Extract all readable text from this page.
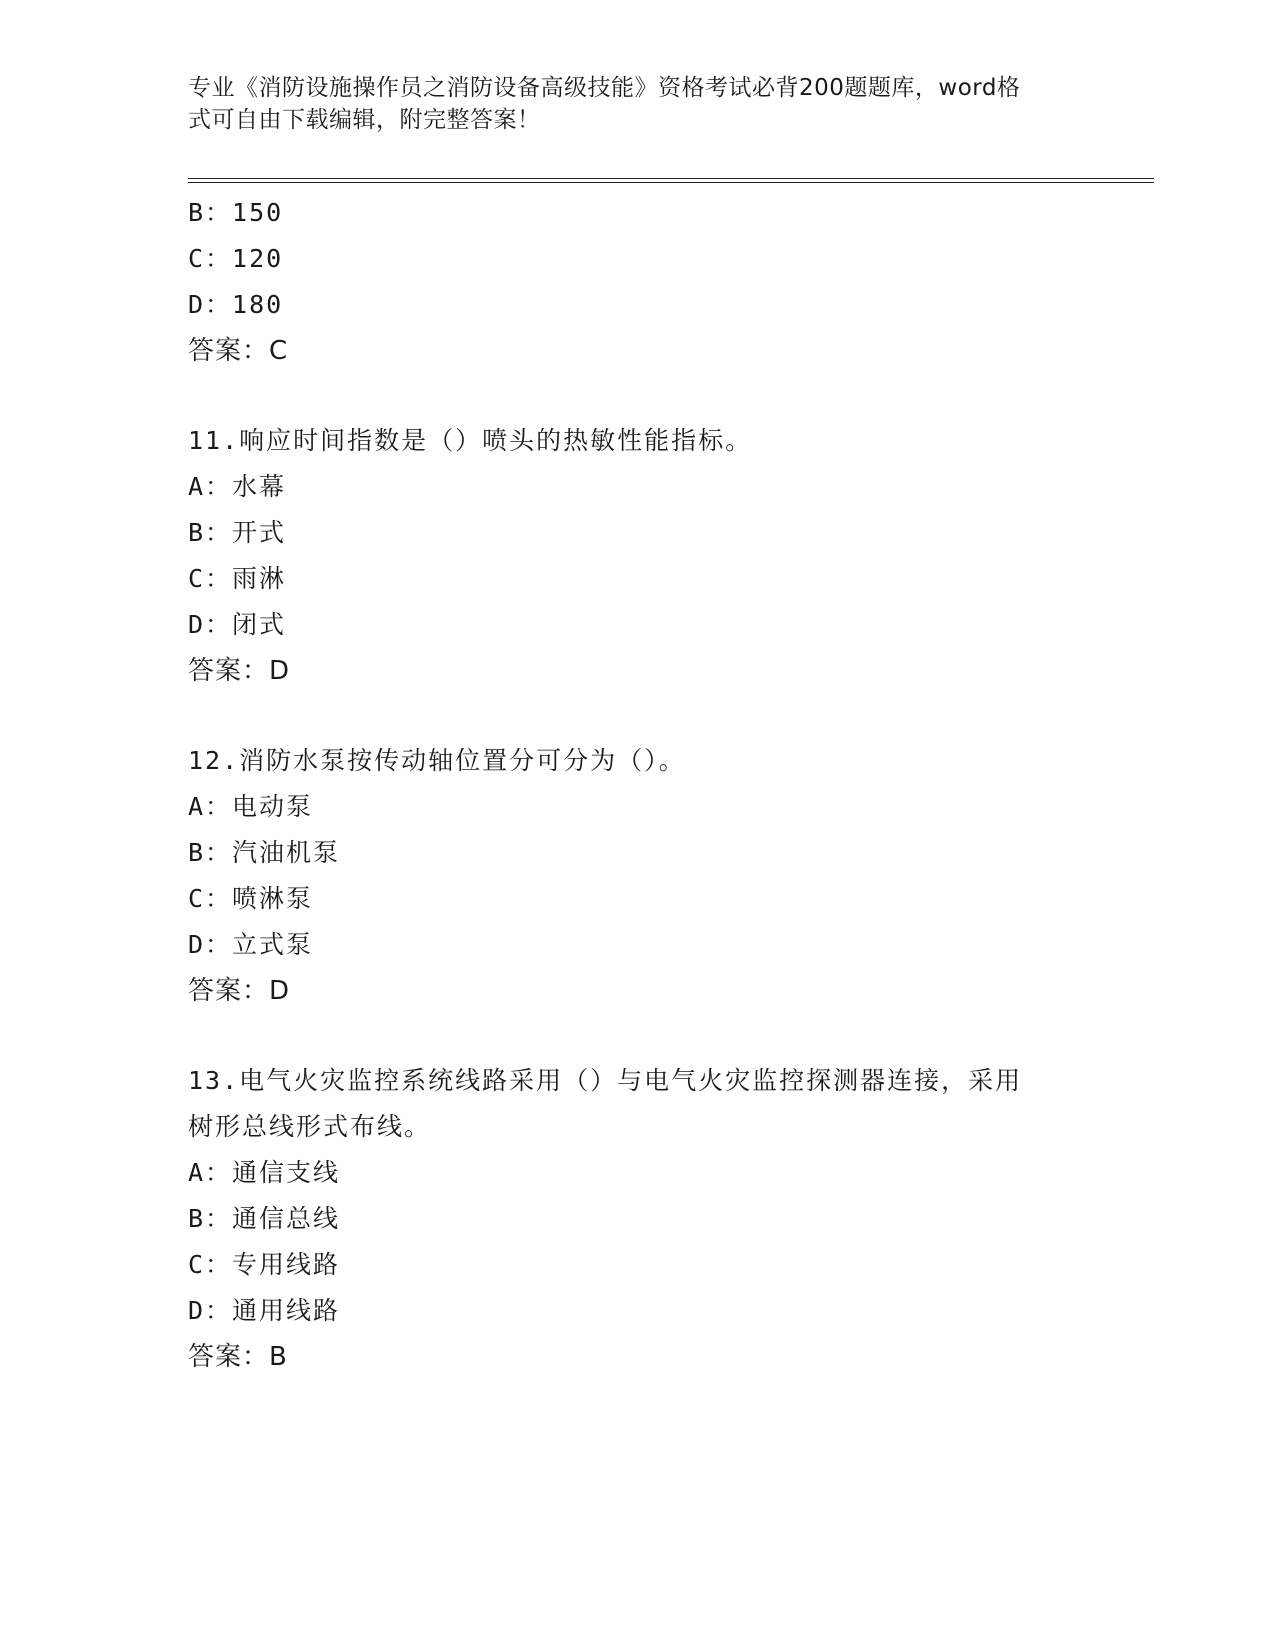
专业《消防设施操作员之消防设备高级技能》资格考试必背200题题库，word格
式可自由下载编辑，附完整答案！
B：150
C：120
D：180
答案：C
11.响应时间指数是（）喷头的热敏性能指标。
A：水幕
B：开式
C：雨淋
D：闭式
答案：D
12.消防水泵按传动轴位置分可分为（）。
A：电动泵
B：汽油机泵
C：喷淋泵
D：立式泵
答案：D
13.电气火灾监控系统线路采用（）与电气火灾监控探测器连接，采用
树形总线形式布线。
A：通信支线
B：通信总线
C：专用线路
D：通用线路
答案：B
